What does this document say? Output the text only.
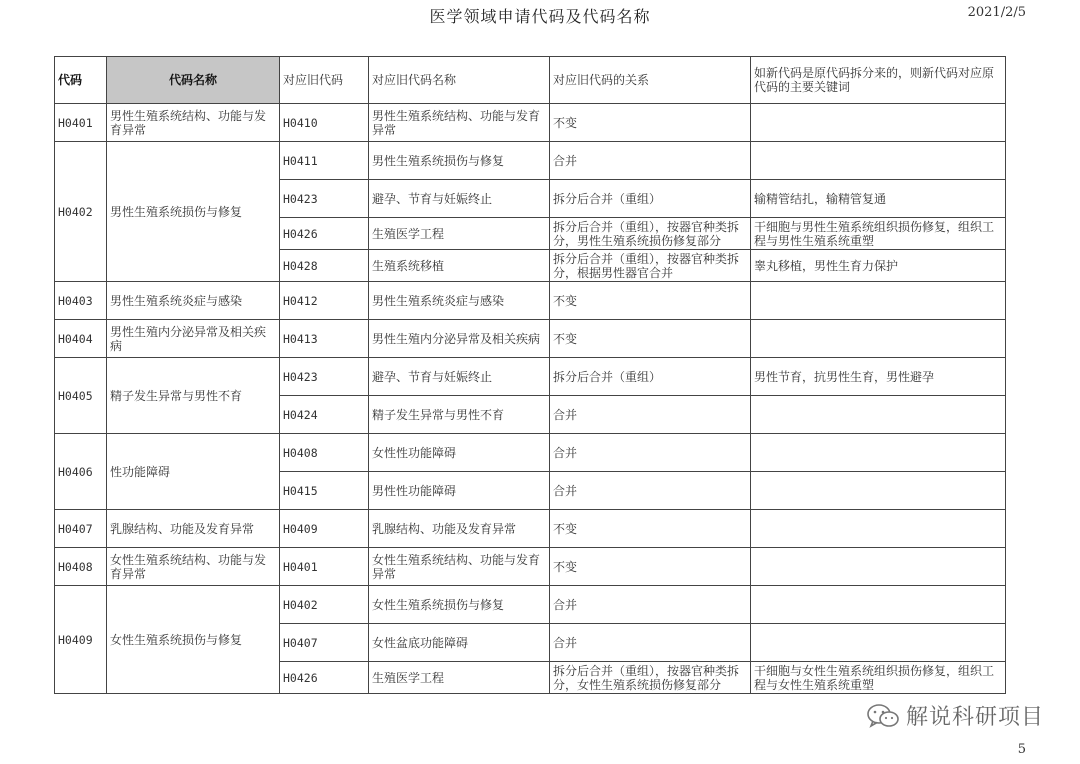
医学领域申请代码及代码名称	2021/2/5
代码	代码名称	对应旧代码	对应旧代码名称	对应旧代码的关系	如新代码是原代码拆分来的，则新代码对应原代码的主要关键词
H0401	男性生殖系统结构、功能与发育异常	H0410	男性生殖系统结构、功能与发育异常	不变	
H0402	男性生殖系统损伤与修复	H0411	男性生殖系统损伤与修复	合并	
		H0423	避孕、节育与妊娠终止	拆分后合并（重组）	输精管结扎，输精管复通
		H0426	生殖医学工程	拆分后合并（重组），按器官种类拆分，男性生殖系统损伤修复部分	干细胞与男性生殖系统组织损伤修复，组织工程与男性生殖系统重塑
		H0428	生殖系统移植	拆分后合并（重组），按器官种类拆分，根据男性器官合并	睾丸移植，男性生育力保护
H0403	男性生殖系统炎症与感染	H0412	男性生殖系统炎症与感染	不变	
H0404	男性生殖内分泌异常及相关疾病	H0413	男性生殖内分泌异常及相关疾病	不变	
H0405	精子发生异常与男性不育	H0423	避孕、节育与妊娠终止	拆分后合并（重组）	男性节育，抗男性生育，男性避孕
		H0424	精子发生异常与男性不育	合并	
H0406	性功能障碍	H0408	女性性功能障碍	合并	
		H0415	男性性功能障碍	合并	
H0407	乳腺结构、功能及发育异常	H0409	乳腺结构、功能及发育异常	不变	
H0408	女性生殖系统结构、功能与发育异常	H0401	女性生殖系统结构、功能与发育异常	不变	
H0409	女性生殖系统损伤与修复	H0402	女性生殖系统损伤与修复	合并	
		H0407	女性盆底功能障碍	合并	
		H0426	生殖医学工程	拆分后合并（重组），按器官种类拆分，女性生殖系统损伤修复部分	干细胞与女性生殖系统组织损伤修复，组织工程与女性生殖系统重塑
解说科研项目
5
